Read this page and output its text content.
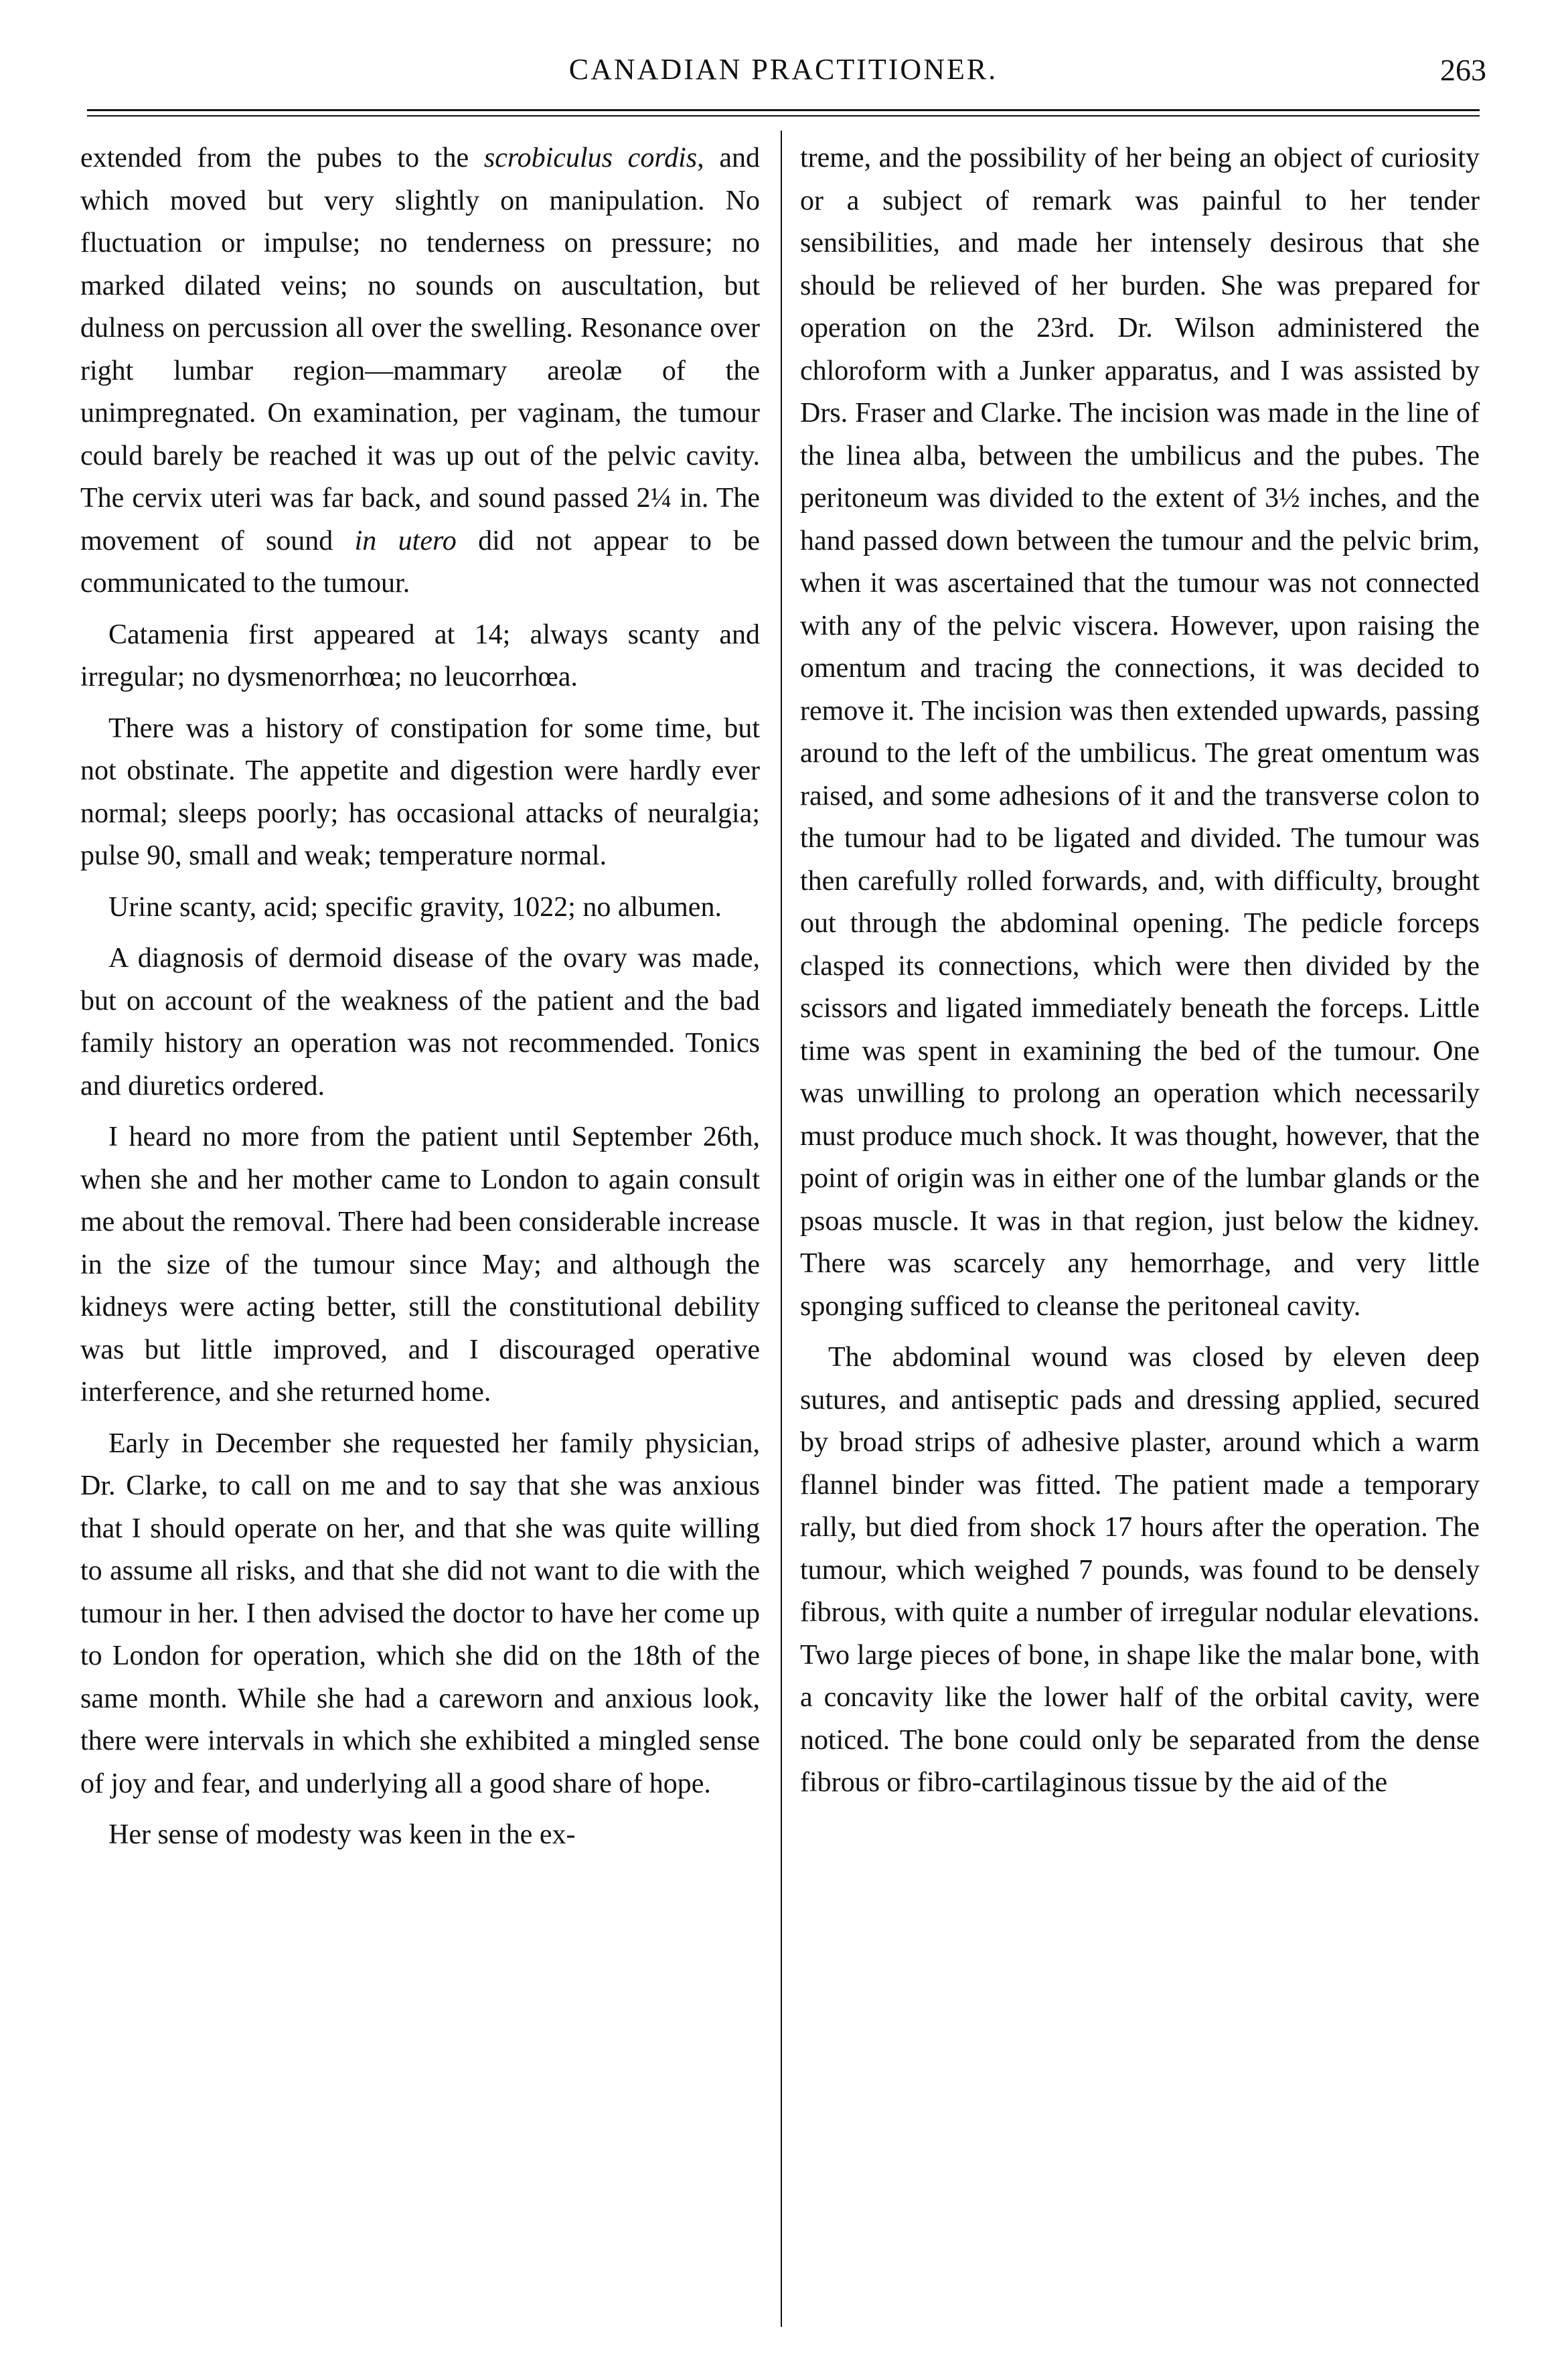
CANADIAN PRACTITIONER.	263

extended from the pubes to the scrobiculus cordis, and which moved but very slightly on manipulation. No fluctuation or impulse; no tenderness on pressure; no marked dilated veins; no sounds on auscultation, but dulness on percussion all over the swelling. Resonance over right lumbar region—mammary areolæ of the unimpregnated. On examination, per vaginam, the tumour could barely be reached it was up out of the pelvic cavity. The cervix uteri was far back, and sound passed 2¼ in. The movement of sound in utero did not appear to be communicated to the tumour.

Catamenia first appeared at 14; always scanty and irregular; no dysmenorrhœa; no leucorrhœa.

There was a history of constipation for some time, but not obstinate. The appetite and digestion were hardly ever normal; sleeps poorly; has occasional attacks of neuralgia; pulse 90, small and weak; temperature normal.

Urine scanty, acid; specific gravity, 1022; no albumen.

A diagnosis of dermoid disease of the ovary was made, but on account of the weakness of the patient and the bad family history an operation was not recommended. Tonics and diuretics ordered.

I heard no more from the patient until September 26th, when she and her mother came to London to again consult me about the removal. There had been considerable increase in the size of the tumour since May; and although the kidneys were acting better, still the constitutional debility was but little improved, and I discouraged operative interference, and she returned home.

Early in December she requested her family physician, Dr. Clarke, to call on me and to say that she was anxious that I should operate on her, and that she was quite willing to assume all risks, and that she did not want to die with the tumour in her. I then advised the doctor to have her come up to London for operation, which she did on the 18th of the same month. While she had a careworn and anxious look, there were intervals in which she exhibited a mingled sense of joy and fear, and underlying all a good share of hope.

Her sense of modesty was keen in the ex-

treme, and the possibility of her being an object of curiosity or a subject of remark was painful to her tender sensibilities, and made her intensely desirous that she should be relieved of her burden. She was prepared for operation on the 23rd. Dr. Wilson administered the chloroform with a Junker apparatus, and I was assisted by Drs. Fraser and Clarke. The incision was made in the line of the linea alba, between the umbilicus and the pubes. The peritoneum was divided to the extent of 3½ inches, and the hand passed down between the tumour and the pelvic brim, when it was ascertained that the tumour was not connected with any of the pelvic viscera. However, upon raising the omentum and tracing the connections, it was decided to remove it. The incision was then extended upwards, passing around to the left of the umbilicus. The great omentum was raised, and some adhesions of it and the transverse colon to the tumour had to be ligated and divided. The tumour was then carefully rolled forwards, and, with difficulty, brought out through the abdominal opening. The pedicle forceps clasped its connections, which were then divided by the scissors and ligated immediately beneath the forceps. Little time was spent in examining the bed of the tumour. One was unwilling to prolong an operation which necessarily must produce much shock. It was thought, however, that the point of origin was in either one of the lumbar glands or the psoas muscle. It was in that region, just below the kidney. There was scarcely any hemorrhage, and very little sponging sufficed to cleanse the peritoneal cavity.

The abdominal wound was closed by eleven deep sutures, and antiseptic pads and dressing applied, secured by broad strips of adhesive plaster, around which a warm flannel binder was fitted. The patient made a temporary rally, but died from shock 17 hours after the operation. The tumour, which weighed 7 pounds, was found to be densely fibrous, with quite a number of irregular nodular elevations. Two large pieces of bone, in shape like the malar bone, with a concavity like the lower half of the orbital cavity, were noticed. The bone could only be separated from the dense fibrous or fibro-cartilaginous tissue by the aid of the
